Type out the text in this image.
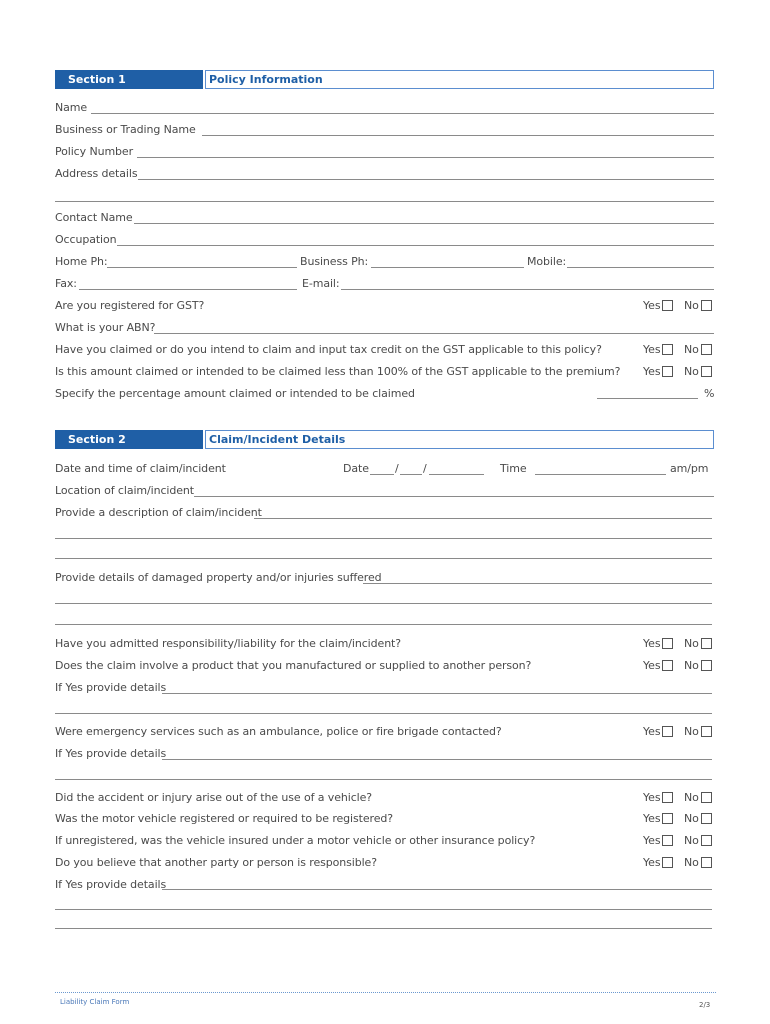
Section 1	Policy Information
Name
Business or Trading Name
Policy Number
Address details
Contact Name
Occupation
Home Ph:	Business Ph:	Mobile:
Fax:	E-mail:
Are you registered for GST?	Yes No
What is your ABN?
Have you claimed or do you intend to claim and input tax credit on the GST applicable to this policy?	Yes No
Is this amount claimed or intended to be claimed less than 100% of the GST applicable to the premium? Yes No
Specify the percentage amount claimed or intended to be claimed	%
Section 2	Claim/Incident Details
Date and time of claim/incident	Date / /	Time	am/pm
Location of claim/incident
Provide a description of claim/incident
Provide details of damaged property and/or injuries suffered
Have you admitted responsibility/liability for the claim/incident?	Yes No
Does the claim involve a product that you manufactured or supplied to another person?	Yes No
If Yes provide details
Were emergency services such as an ambulance, police or fire brigade contacted?	Yes No
If Yes provide details
Did the accident or injury arise out of the use of a vehicle?	Yes No
Was the motor vehicle registered or required to be registered?	Yes No
If unregistered, was the vehicle insured under a motor vehicle or other insurance policy?	Yes No
Do you believe that another party or person is responsible?	Yes No
If Yes provide details
Liability Claim Form	2/3
